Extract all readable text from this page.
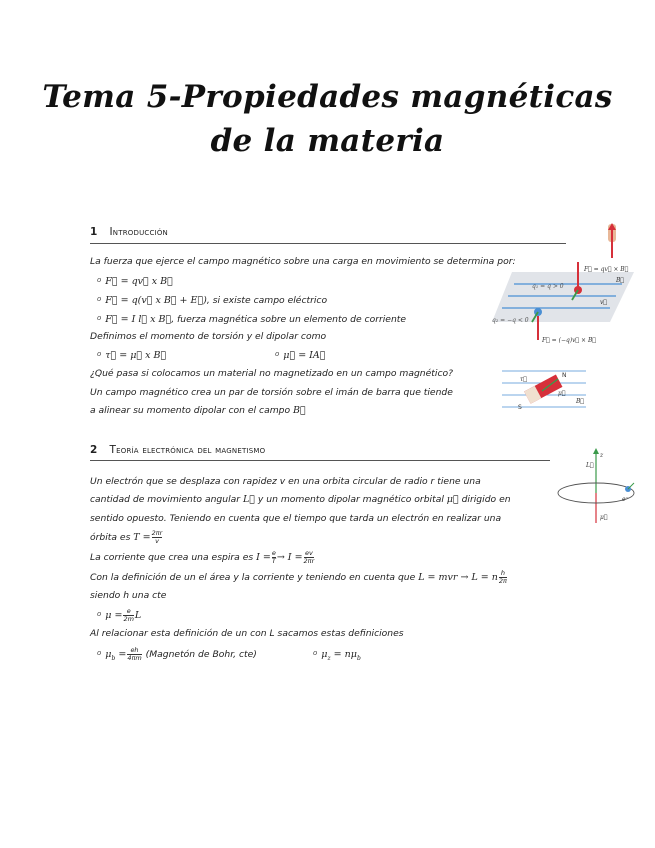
Tema 5-Propiedades magnéticas
de la materia
1 Introducción
La fuerza que ejerce el campo magnético sobre una carga en movimiento se determina por:
$^o$ F⃗ = qv⃗ x B⃗
$^o$ F⃗ = q(v⃗ x B⃗ + E⃗), si existe campo eléctrico
$^o$ F⃗ = I l⃗ x B⃗, fuerza magnética sobre un elemento de corriente
Definimos el momento de torsión y el dipolar como
$^o$ τ⃗ = μ⃗ x B⃗	$^o$ μ⃗ = IA⃗
¿Qué pasa si colocamos un material no magnetizado en un campo magnético?
Un campo magnético crea un par de torsión sobre el imán de barra que tiende
a alinear su momento dipolar con el campo B⃗
F⃗ = qv⃗ × B⃗
q₁ = q > 0
q₂ = −q < 0
v⃗
B⃗
F⃗ = (−q)v⃗ × B⃗
τ⃗
μ⃗
N
S
B⃗
2 Teoría electrónica del magnetismo
Un electrón que se desplaza con rapidez v en una orbita circular de radio r tiene una
cantidad de movimiento angular L⃗ y un momento dipolar magnético orbital μ⃗ dirigido en
sentido opuesto. Teniendo en cuenta que el tiempo que tarda un electrón en realizar una
órbita es $T = \frac{2\pi r}{v}$
La corriente que crea una espira es $I = \frac{e}{T} \to I = \frac{ev}{2\pi r}$
Con la definición de un el área y la corriente y teniendo en cuenta que L = mvr → L = n $\frac{h}{2\pi}$
siendo h una cte
$^o$ $\mu = \frac{e}{2m}$ L
Al relacionar esta definición de un con L sacamos estas definiciones
$^o$ $\mu_b = \frac{eh}{4\pi m}$ (Magnetón de Bohr, cte)	$^o$ $\mu_z = n\mu_b$
z
μ⃗
L⃗
e⁻
